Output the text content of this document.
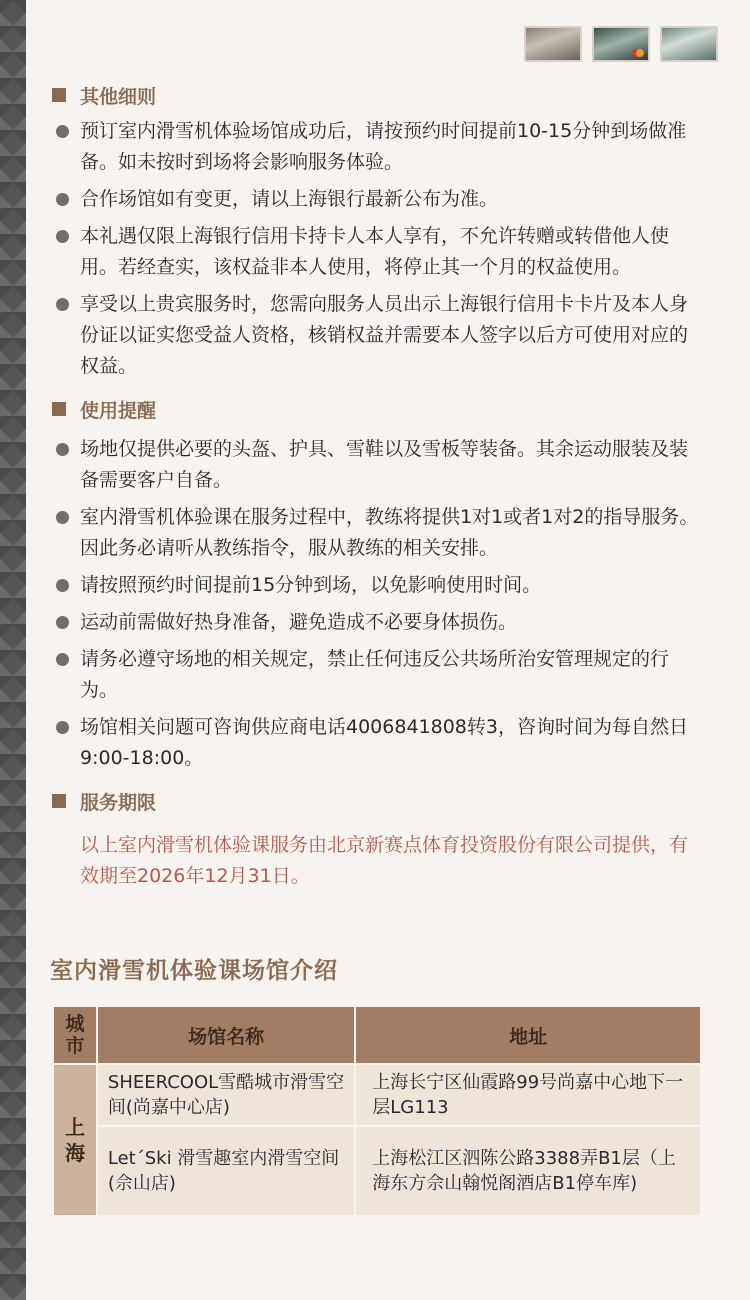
其他细则
预订室内滑雪机体验场馆成功后，请按预约时间提前10-15分钟到场做准备。如未按时到场将会影响服务体验。
合作场馆如有变更，请以上海银行最新公布为准。
本礼遇仅限上海银行信用卡持卡人本人享有，不允许转赠或转借他人使用。若经查实，该权益非本人使用，将停止其一个月的权益使用。
享受以上贵宾服务时，您需向服务人员出示上海银行信用卡卡片及本人身份证以证实您受益人资格，核销权益并需要本人签字以后方可使用对应的权益。
使用提醒
场地仅提供必要的头盔、护具、雪鞋以及雪板等装备。其余运动服装及装备需要客户自备。
室内滑雪机体验课在服务过程中，教练将提供1对1或者1对2的指导服务。因此务必请听从教练指令，服从教练的相关安排。
请按照预约时间提前15分钟到场，以免影响使用时间。
运动前需做好热身准备，避免造成不必要身体损伤。
请务必遵守场地的相关规定，禁止任何违反公共场所治安管理规定的行为。
场馆相关问题可咨询供应商电话4006841808转3，咨询时间为每自然日9:00-18:00。
服务期限
以上室内滑雪机体验课服务由北京新赛点体育投资股份有限公司提供，有效期至2026年12月31日。
室内滑雪机体验课场馆介绍
城
市	场馆名称	地址

上
海	SHEERCOOL雪酷城市滑雪空间(尚嘉中心店)	上海长宁区仙霞路99号尚嘉中心地下一层LG113
	Let´Ski 滑雪趣室内滑雪空间(佘山店)	上海松江区泗陈公路3388弄B1层（上海东方佘山翰悦阁酒店B1停车库)
